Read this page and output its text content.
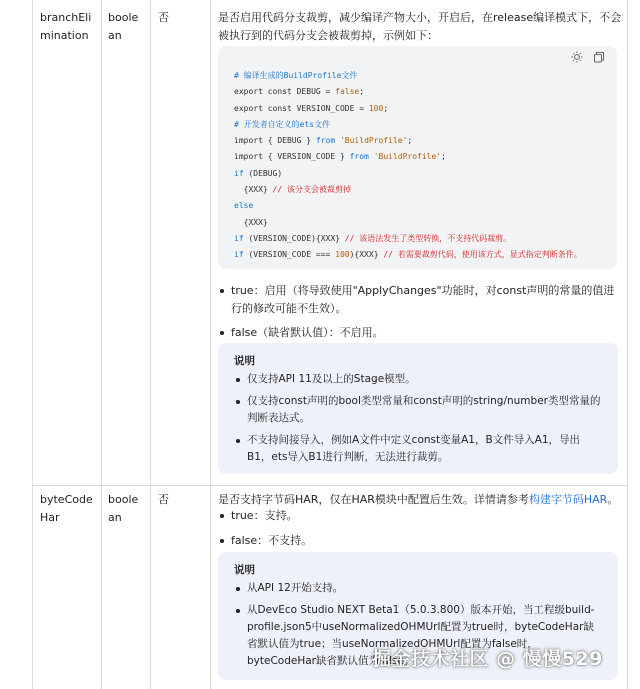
branchElimination
boolean
否	是否启用代码分支裁剪，减少编译产物大小，开启后，在release编译模式下，不会被执行到的代码分支会被裁剪掉，示例如下：
# 编译生成的BuildProfile文件
export const DEBUG = false;
export const VERSION_CODE = 100;
# 开发者自定义的ets文件
import { DEBUG } from 'BuildProfile';
import { VERSION_CODE } from 'BuildProfile';
if (DEBUG)
{XXX} // 该分支会被裁剪掉
else
{XXX}
if (VERSION_CODE){XXX} // 该语法发生了类型转换，不支持代码裁剪。
if (VERSION_CODE === 100){XXX} // 若需要裁剪代码，使用该方式，显式指定判断条件。
true：启用（将导致使用"ApplyChanges"功能时，对const声明的常量的值进行的修改可能不生效）。
false（缺省默认值）：不启用。
说明
仅支持API 11及以上的Stage模型。
仅支持const声明的bool类型常量和const声明的string/number类型常量的判断表达式。
不支持间接导入，例如A文件中定义const变量A1，B文件导入A1，导出B1，ets导入B1进行判断，无法进行裁剪。
byteCodeHar
boolean
否	是否支持字节码HAR，仅在HAR模块中配置后生效。详情请参考构建字节码HAR。
true：支持。
false：不支持。
说明
从API 12开始支持。
从DevEco Studio NEXT Beta1（5.0.3.800）版本开始，当工程级build-profile.json5中useNormalizedOHMUrl配置为true时，byteCodeHar缺省默认值为true；当useNormalizedOHMUrl配置为false时，byteCodeHar缺省默认值为false。
掘金技术社区 @ 慢慢529
